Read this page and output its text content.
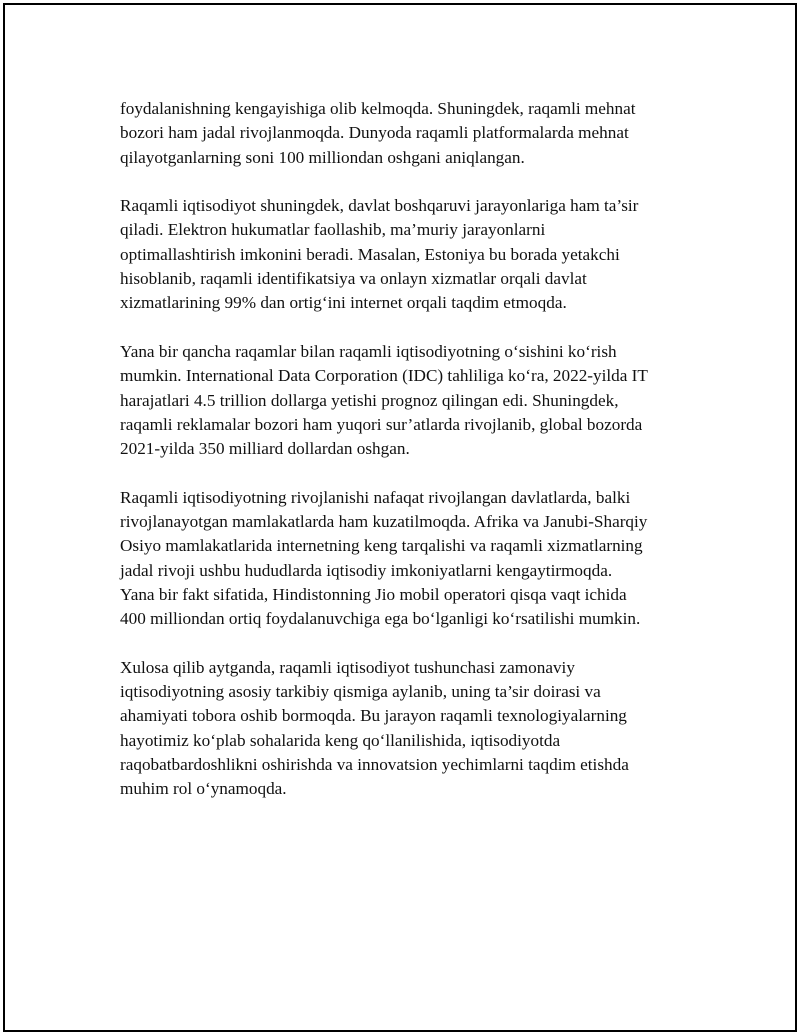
foydalanishning kengayishiga olib kelmoqda. Shuningdek, raqamli mehnat
bozori ham jadal rivojlanmoqda. Dunyoda raqamli platformalarda mehnat
qilayotganlarning soni 100 milliondan oshgani aniqlangan.

Raqamli iqtisodiyot shuningdek, davlat boshqaruvi jarayonlariga ham ta’sir
qiladi. Elektron hukumatlar faollashib, ma’muriy jarayonlarni
optimallashtirish imkonini beradi. Masalan, Estoniya bu borada yetakchi
hisoblanib, raqamli identifikatsiya va onlayn xizmatlar orqali davlat
xizmatlarining 99% dan ortig‘ini internet orqali taqdim etmoqda.

Yana bir qancha raqamlar bilan raqamli iqtisodiyotning o‘sishini ko‘rish
mumkin. International Data Corporation (IDC) tahliliga ko‘ra, 2022-yilda IT
harajatlari 4.5 trillion dollarga yetishi prognoz qilingan edi. Shuningdek,
raqamli reklamalar bozori ham yuqori sur’atlarda rivojlanib, global bozorda
2021-yilda 350 milliard dollardan oshgan.

Raqamli iqtisodiyotning rivojlanishi nafaqat rivojlangan davlatlarda, balki
rivojlanayotgan mamlakatlarda ham kuzatilmoqda. Afrika va Janubi-Sharqiy
Osiyo mamlakatlarida internetning keng tarqalishi va raqamli xizmatlarning
jadal rivoji ushbu hududlarda iqtisodiy imkoniyatlarni kengaytirmoqda.
Yana bir fakt sifatida, Hindistonning Jio mobil operatori qisqa vaqt ichida
400 milliondan ortiq foydalanuvchiga ega bo‘lganligi ko‘rsatilishi mumkin.

Xulosa qilib aytganda, raqamli iqtisodiyot tushunchasi zamonaviy
iqtisodiyotning asosiy tarkibiy qismiga aylanib, uning ta’sir doirasi va
ahamiyati tobora oshib bormoqda. Bu jarayon raqamli texnologiyalarning
hayotimiz ko‘plab sohalarida keng qo‘llanilishida, iqtisodiyotda
raqobatbardoshlikni oshirishda va innovatsion yechimlarni taqdim etishda
muhim rol o‘ynamoqda.
